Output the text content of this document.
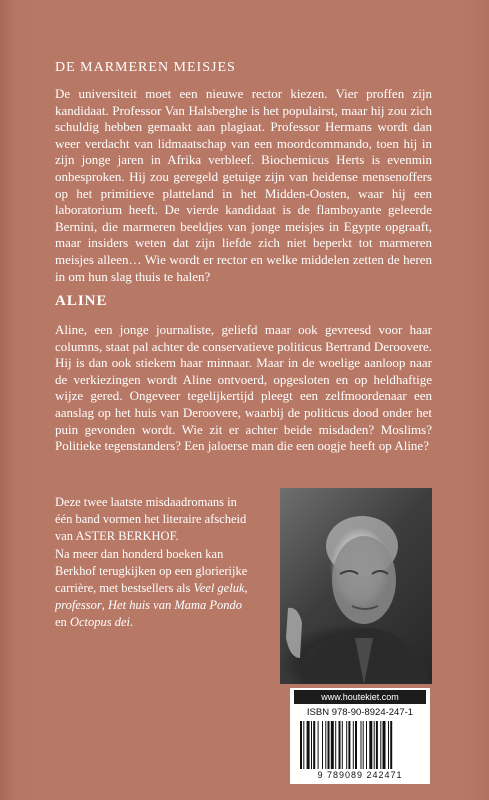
DE MARMEREN MEISJES

De universiteit moet een nieuwe rector kiezen. Vier proffen zijn kandidaat. Professor Van Halsberghe is het populairst, maar hij zou zich schuldig hebben gemaakt aan plagiaat. Professor Hermans wordt dan weer verdacht van lidmaatschap van een moordcommando, toen hij in zijn jonge jaren in Afrika verbleef. Biochemicus Herts is evenmin onbesproken. Hij zou geregeld getuige zijn van heidense mensenoffers op het primitieve platteland in het Midden-Oosten, waar hij een laboratorium heeft. De vierde kandidaat is de flamboyante geleerde Bernini, die marmeren beeldjes van jonge meisjes in Egypte opgraaft, maar insiders weten dat zijn liefde zich niet beperkt tot marmeren meisjes alleen… Wie wordt er rector en welke middelen zetten de heren in om hun slag thuis te halen?

ALINE

Aline, een jonge journaliste, geliefd maar ook gevreesd voor haar columns, staat pal achter de conservatieve politicus Bertrand Deroovere. Hij is dan ook stiekem haar minnaar. Maar in de woelige aanloop naar de verkiezingen wordt Aline ontvoerd, opgesloten en op heldhaftige wijze gered. Ongeveer tegelijkertijd pleegt een zelfmoordenaar een aanslag op het huis van Deroovere, waarbij de politicus dood onder het puin gevonden wordt. Wie zit er achter beide misdaden? Moslims? Politieke tegenstanders? Een jaloerse man die een oogje heeft op Aline?

Deze twee laatste misdaadromans in

één band vormen het literaire afscheid

van ASTER BERKHOF.

Na meer dan honderd boeken kan

Berkhof terugkijken op een glorierijke

carrière, met bestsellers als Veel geluk,

professor, Het huis van Mama Pondo

en Octopus dei.

www.houtekiet.com
ISBN 978-90-8924-247-1
9 789089 242471
